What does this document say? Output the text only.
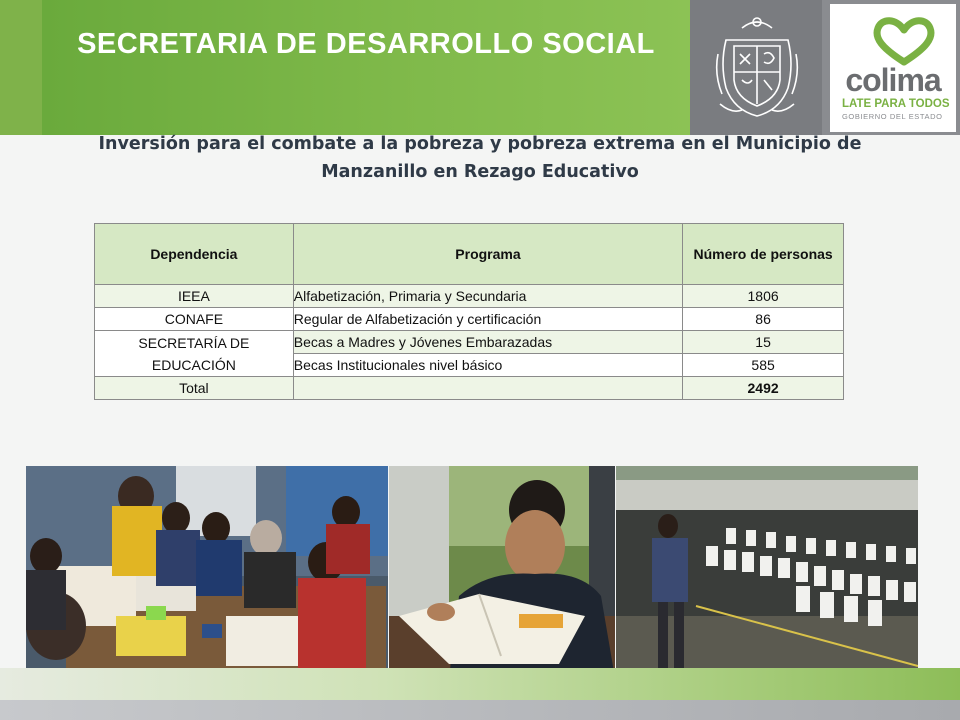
SECRETARIA DE DESARROLLO SOCIAL
colima
LATE PARA TODOS
GOBIERNO DEL ESTADO
Inversión para el combate a la pobreza y pobreza extrema en el Municipio de
Manzanillo en Rezago Educativo
Dependencia	Programa	Número de personas
IEEA	Alfabetización, Primaria y Secundaria	1806
CONAFE	Regular de Alfabetización y certificación	86
SECRETARÍA DE EDUCACIÓN	Becas a Madres y Jóvenes Embarazadas	15
	Becas Institucionales nivel básico	585
Total		2492
